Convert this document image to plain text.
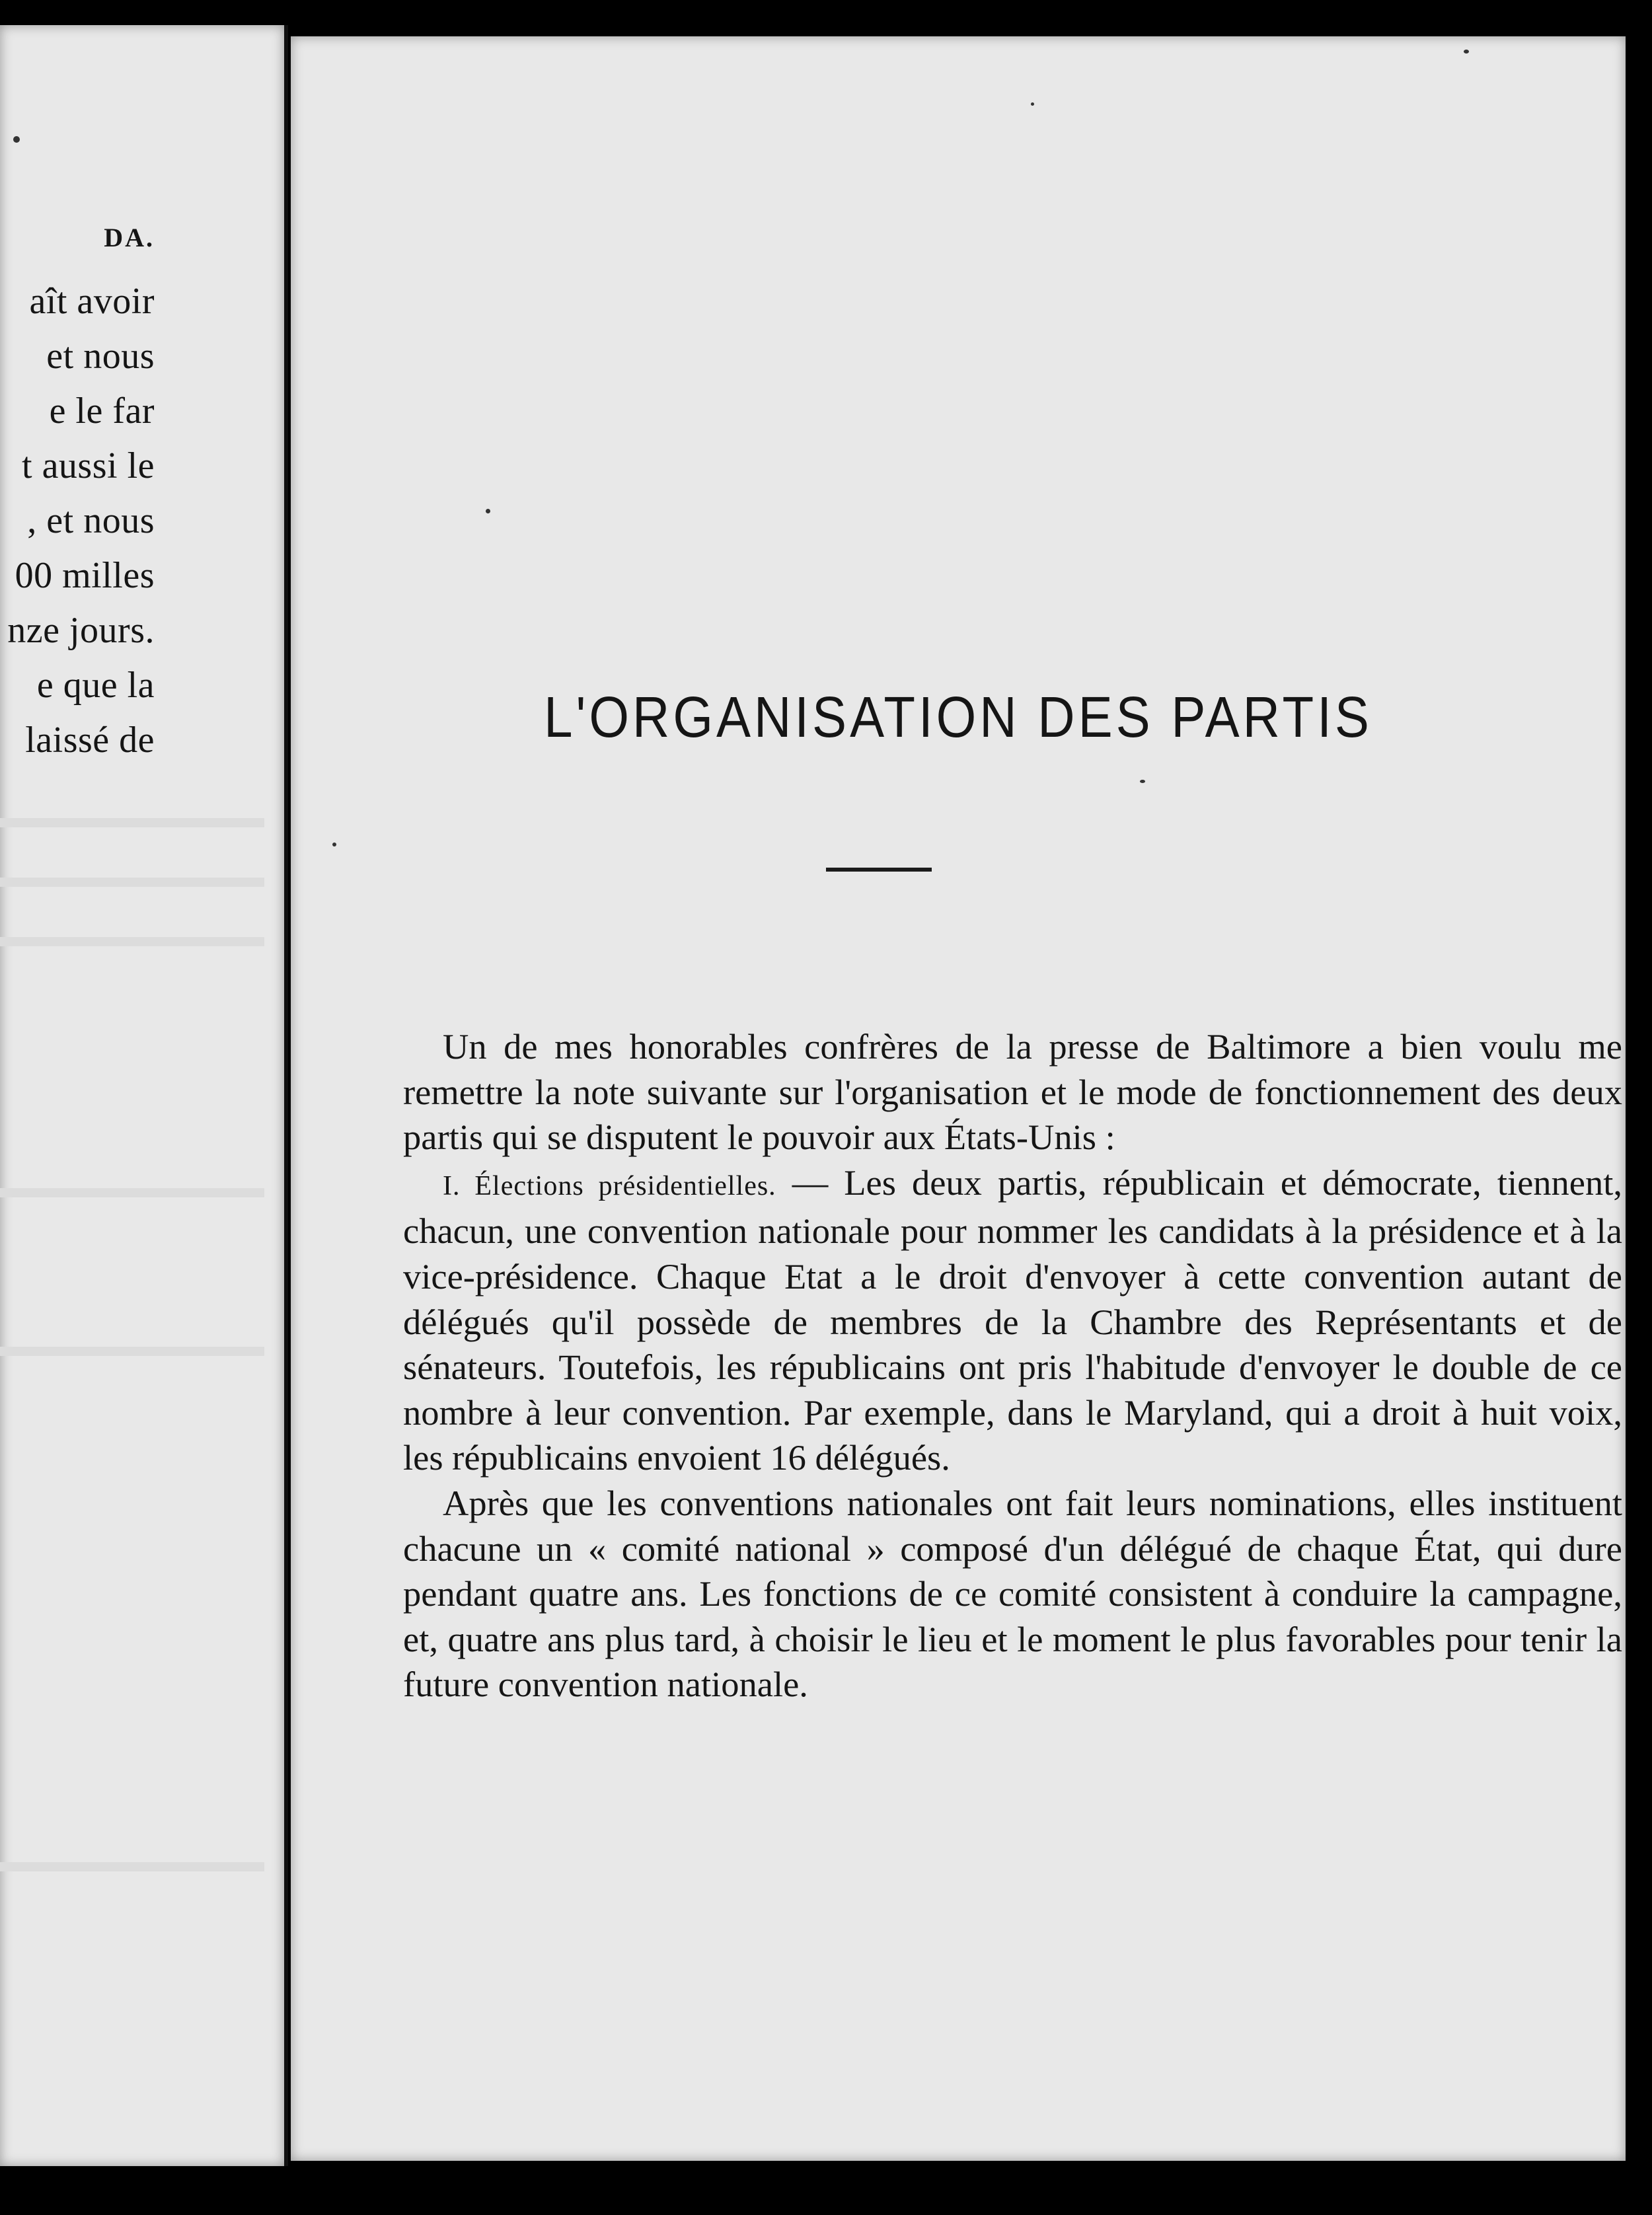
DA.
aît avoir
et nous
e le far
t aussi le
, et nous
00 milles
nze jours.
e que la
laissé de	L'ORGANISATION DES PARTIS

Un de mes honorables confrères de la presse de Baltimore a bien voulu me remettre la note suivante sur l'organisation et le mode de fonctionnement des deux partis qui se disputent le pouvoir aux États-Unis :

I. Élections présidentielles. — Les deux partis, républicain et démocrate, tiennent, chacun, une convention nationale pour nommer les candidats à la présidence et à la vice-présidence. Chaque Etat a le droit d'envoyer à cette convention autant de délégués qu'il possède de membres de la Chambre des Représentants et de sénateurs. Toutefois, les républicains ont pris l'habitude d'envoyer le double de ce nombre à leur convention. Par exemple, dans le Maryland, qui a droit à huit voix, les républicains envoient 16 délégués.

Après que les conventions nationales ont fait leurs nominations, elles instituent chacune un « comité national » composé d'un délégué de chaque État, qui dure pendant quatre ans. Les fonctions de ce comité consistent à conduire la campagne, et, quatre ans plus tard, à choisir le lieu et le moment le plus favorables pour tenir la future convention nationale.
